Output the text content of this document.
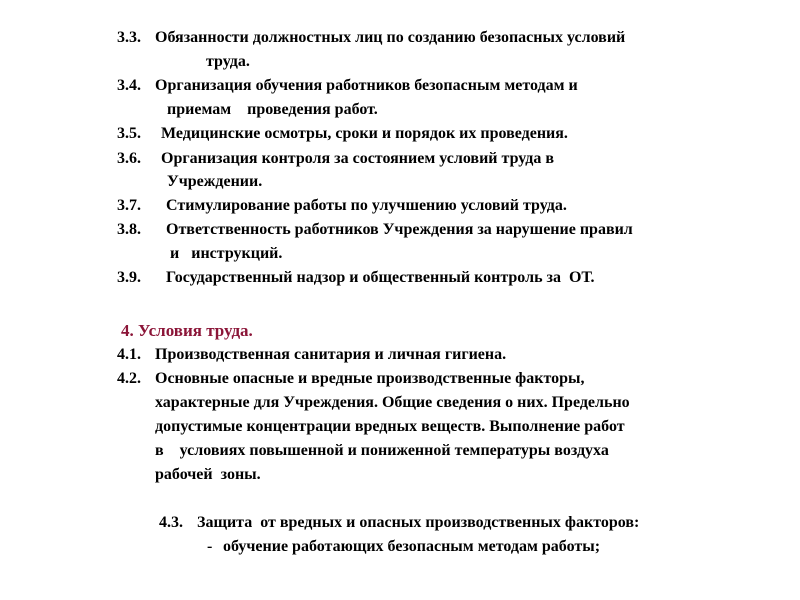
3.3. Обязанности должностных лиц по созданию безопасных условий
труда.
3.4. Организация обучения работников безопасным методам и
приемам    проведения работ.
3.5. Медицинские осмотры, сроки и порядок их проведения.
3.6. Организация контроля за состоянием условий труда в
Учреждении.
3.7. Стимулирование работы по улучшению условий труда.
3.8. Ответственность работников Учреждения за нарушение правил
и   инструкций.
3.9. Государственный надзор и общественный контроль за  ОТ.
4. Условия труда.
4.1. Производственная санитария и личная гигиена.
4.2. Основные опасные и вредные производственные факторы,
характерные для Учреждения. Общие сведения о них. Предельно
допустимые концентрации вредных веществ. Выполнение работ
в    условиях повышенной и пониженной температуры воздуха
рабочей  зоны.
4.3. Защита  от вредных и опасных производственных факторов:
- обучение работающих безопасным методам работы;
